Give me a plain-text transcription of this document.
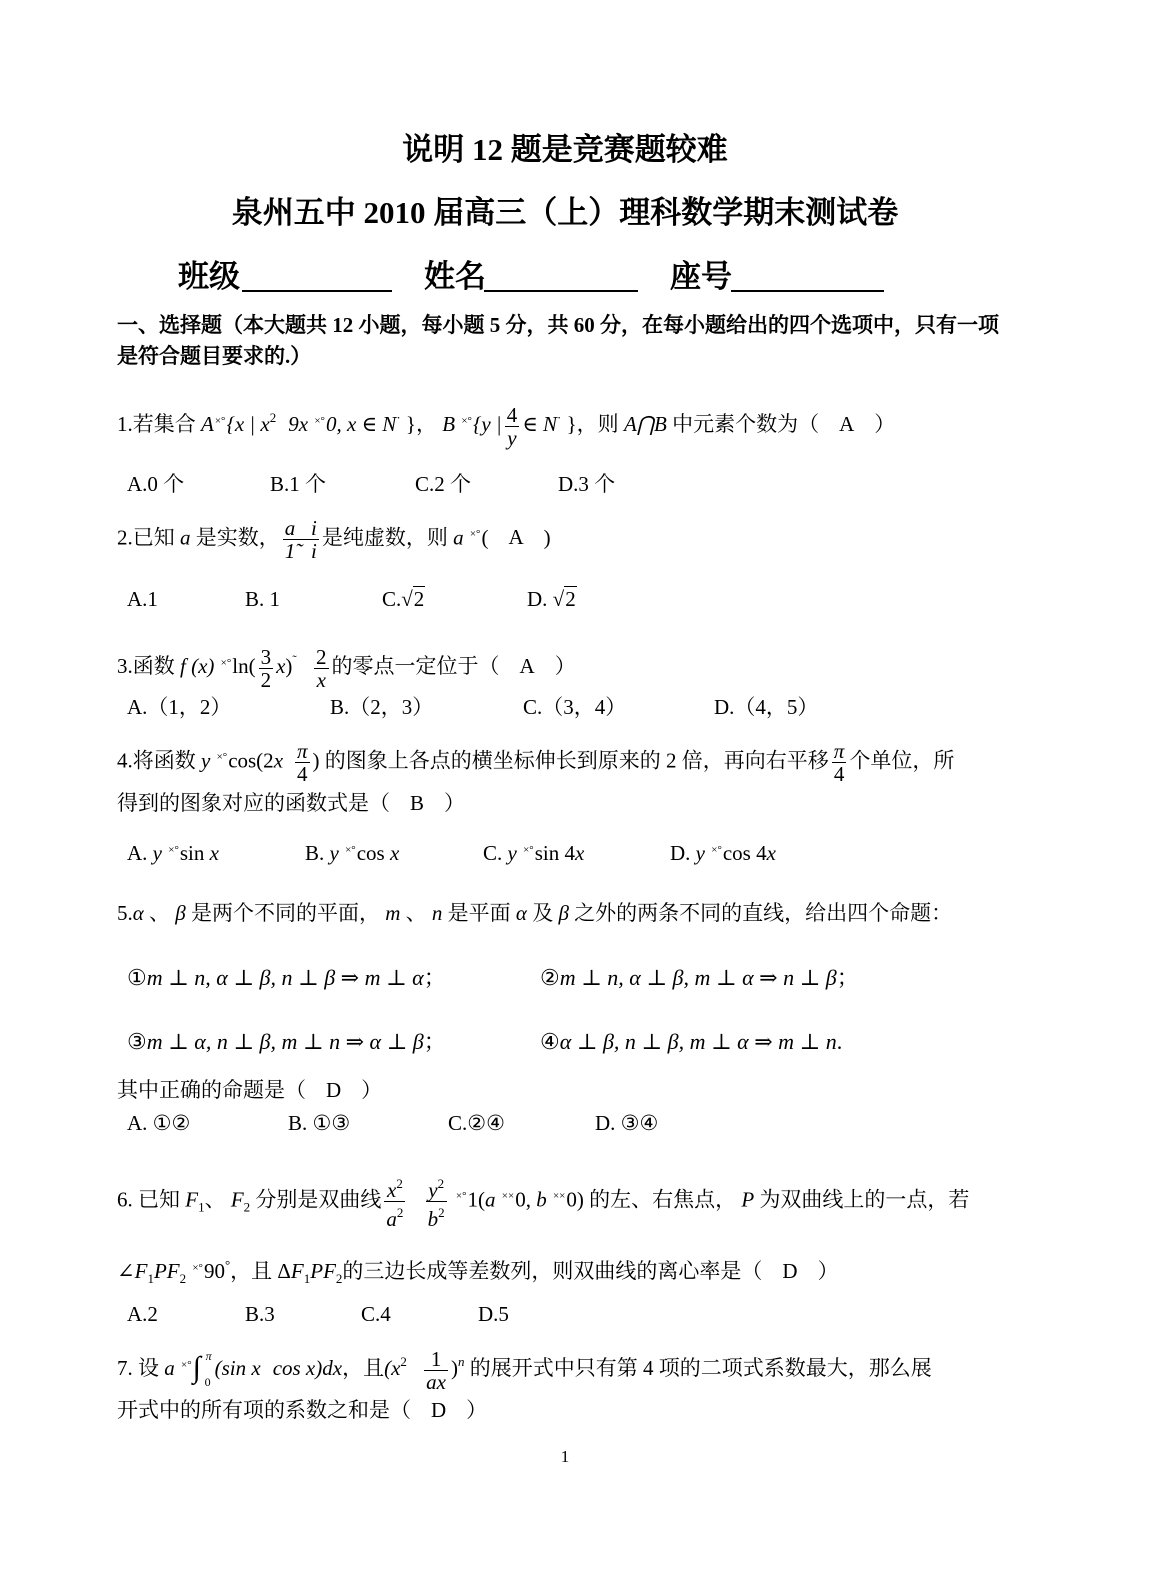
说明 12 题是竞赛题较难
泉州五中 2010 届高三（上）理科数学期末测试卷
班级	姓名	座号
一、选择题（本大题共 12 小题，每小题 5 分，共 60 分，在每小题给出的四个选项中，只有一项
是符合题目要求的.）
1.若集合 A×°{x | $x^2$ 9x ×°0, x ∈ N· }， B ×°{y | $\frac{4}{y}$ ∈ N· }，则 A⋂B 中元素个数为（ A ）
A.0 个	B.1 个	C.2 个	D.3 个
2.已知 a 是实数， $\frac{\text{a   i}}{1̃ i}$ 是纯虚数，则 a ×°( A )
A.1	B. 1	C.√2	D. √2
3.函数 f (x) $^{\times^\circ}\ln( \frac{3}{2} x)^˜ \frac{2}{x}$ 的零点一定位于（ A ）
A.（1，2）	B.（2，3）	C.（3，4）	D.（4，5）
4.将函数 y $^{\times^\circ}\cos(2x \frac{\pi}{4}$ ) 的图象上各点的横坐标伸长到原来的 2 倍，再向右平移 $\frac{\pi}{4}$ 个单位，所
得到的图象对应的函数式是（ B ）
A. y ×°sin x	B. y ×°cos x	C. y ×°sin 4x	D. y ×°cos 4x
5.α 、 β 是两个不同的平面， m 、 n 是平面 α 及 β 之外的两条不同的直线，给出四个命题：
①m ⊥ n, α ⊥ β, n ⊥ β ⇒ m ⊥ α；	②m ⊥ n, α ⊥ β, m ⊥ α ⇒ n ⊥ β；
③m ⊥ α, n ⊥ β, m ⊥ n ⇒ α ⊥ β；	④α ⊥ β, n ⊥ β, m ⊥ α ⇒ m ⊥ n.
其中正确的命题是（ D ）
A. ①②	B. ①③	C.②④	D. ③④
6. 已知 $F_1$、 $F_2$ 分别是双曲线 $\frac{x^2}{a^2}$
$\frac{y^2}{b^2} ^{\times^\circ}1(a$ ××0, b ××0) 的左、右焦点， P 为双曲线上的一点，若
$\angle F_1PF_2$ ×°90°，且 $\Delta F_1PF_2$的三边长成等差数列，则双曲线的离心率是（ D ）
A.2	B.3	C.4	D.5
7. 设 a ×° ∫ π
0
(sin x cos x)dx，且$(x^2 \frac{1}{ax} )^n$ 的展开式中只有第 4 项的二项式系数最大，那么展
开式中的所有项的系数之和是（ D ）
1
